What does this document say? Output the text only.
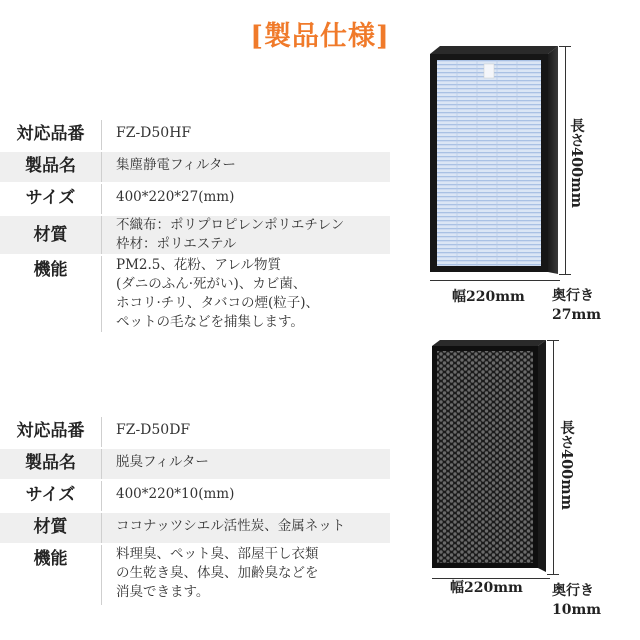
[製品仕様]
対応品番	FZ-D50HF
製品名	集塵静電フィルター
サイズ	400*220*27(mm)
材質	不織布：ポリプロピレンポリエチレン
枠材：ポリエステル
機能	PM2.5、花粉、アレル物質
(ダニのふん·死がい)、カビ菌、
ホコリ·チリ、タバコの煙(粒子)、
ペットの毛などを捕集します。
対応品番	FZ-D50DF
製品名	脱臭フィルター
サイズ	400*220*10(mm)
材質	ココナッツシエル活性炭、金属ネット
機能	料理臭、ペット臭、部屋干し衣類
の生乾き臭、体臭、加齢臭などを
消臭できます。
長さ400mm
幅220mm 奥行き
27mm
長さ400mm
幅220mm 奥行き
10mm
